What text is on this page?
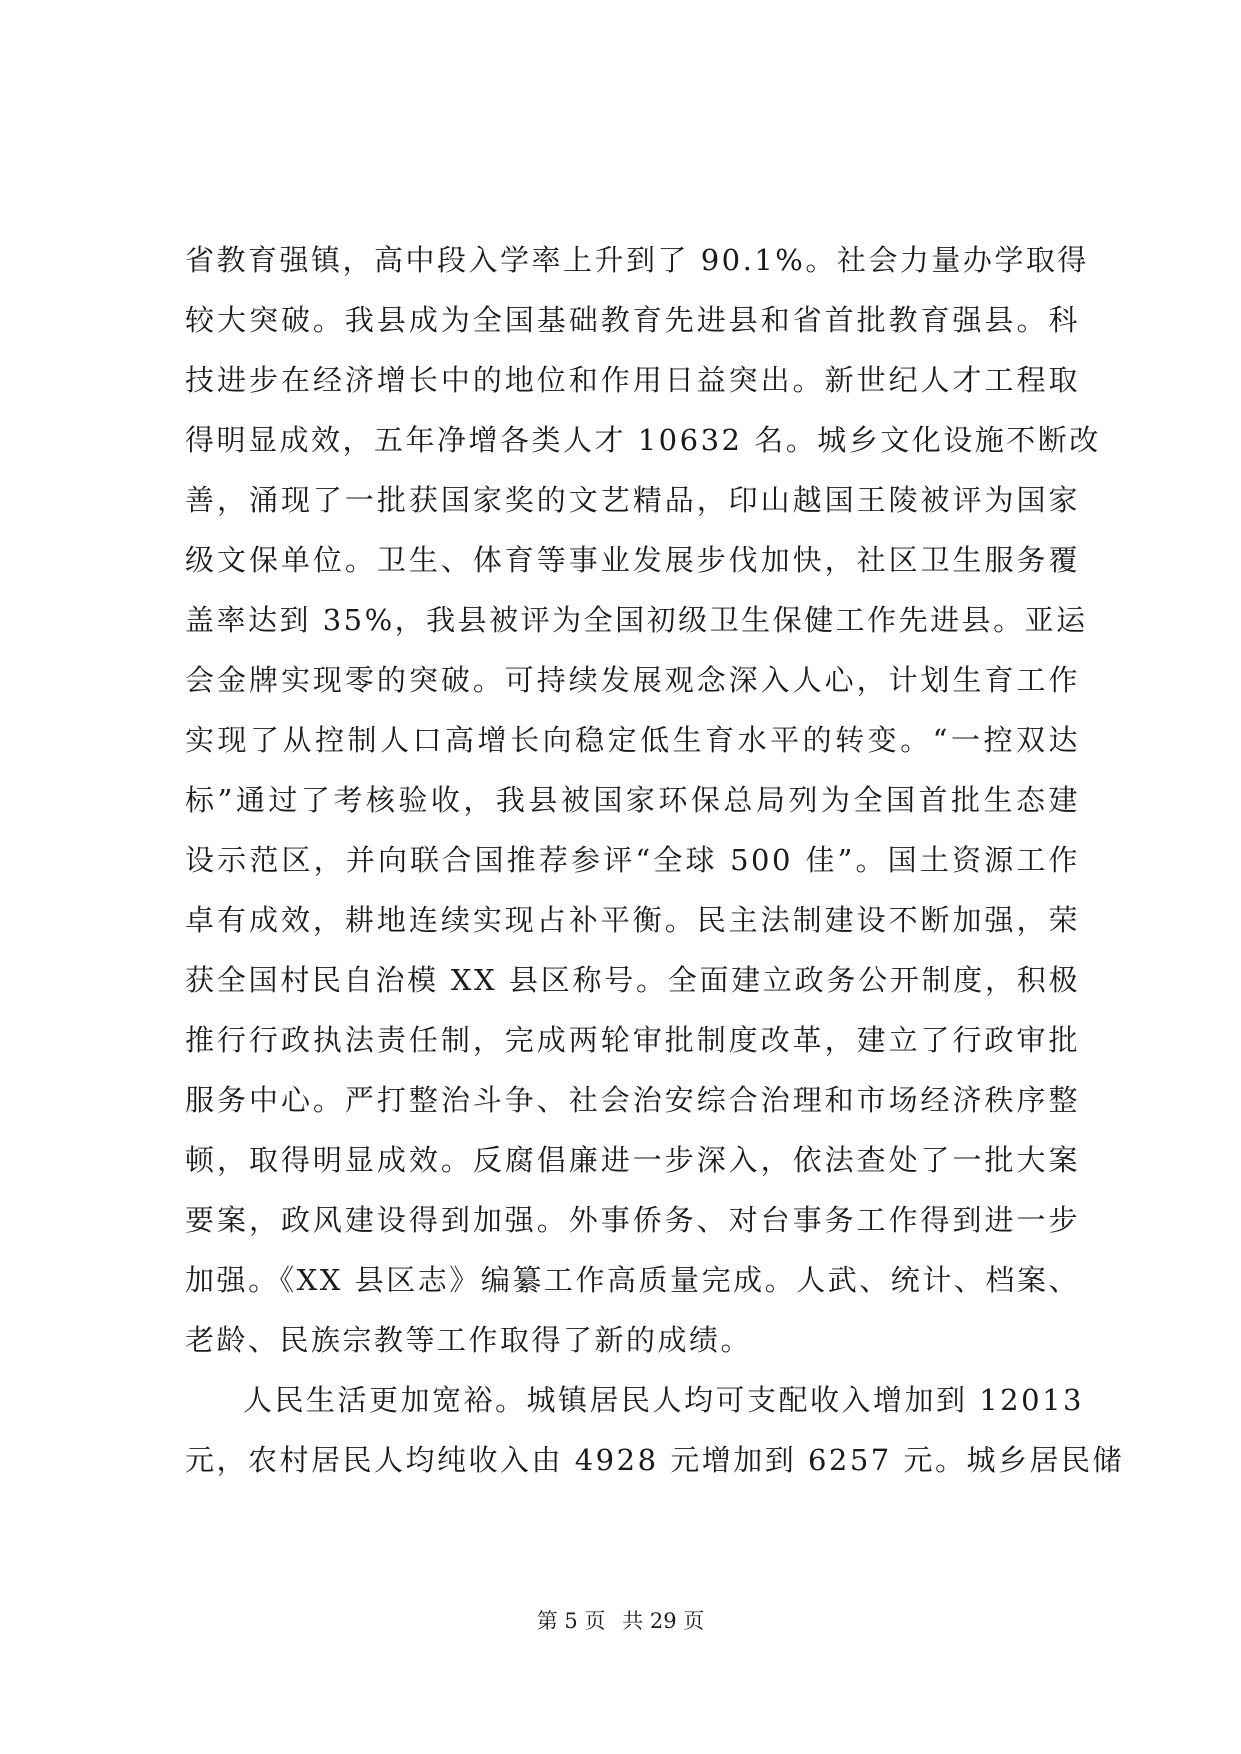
省教育强镇，高中段入学率上升到了 90.1%。社会力量办学取得
较大突破。我县成为全国基础教育先进县和省首批教育强县。科
技进步在经济增长中的地位和作用日益突出。新世纪人才工程取
得明显成效，五年净增各类人才 10632 名。城乡文化设施不断改
善，涌现了一批获国家奖的文艺精品，印山越国王陵被评为国家
级文保单位。卫生、体育等事业发展步伐加快，社区卫生服务覆
盖率达到 35%，我县被评为全国初级卫生保健工作先进县。亚运
会金牌实现零的突破。可持续发展观念深入人心，计划生育工作
实现了从控制人口高增长向稳定低生育水平的转变。“一控双达
标”通过了考核验收，我县被国家环保总局列为全国首批生态建
设示范区，并向联合国推荐参评“全球 500 佳”。国土资源工作
卓有成效，耕地连续实现占补平衡。民主法制建设不断加强，荣
获全国村民自治模 XX 县区称号。全面建立政务公开制度，积极
推行行政执法责任制，完成两轮审批制度改革，建立了行政审批
服务中心。严打整治斗争、社会治安综合治理和市场经济秩序整
顿，取得明显成效。反腐倡廉进一步深入，依法查处了一批大案
要案，政风建设得到加强。外事侨务、对台事务工作得到进一步
加强。《XX 县区志》编纂工作高质量完成。人武、统计、档案、
老龄、民族宗教等工作取得了新的成绩。
人民生活更加宽裕。城镇居民人均可支配收入增加到 12013
元，农村居民人均纯收入由 4928 元增加到 6257 元。城乡居民储
第 5 页 共 29 页
